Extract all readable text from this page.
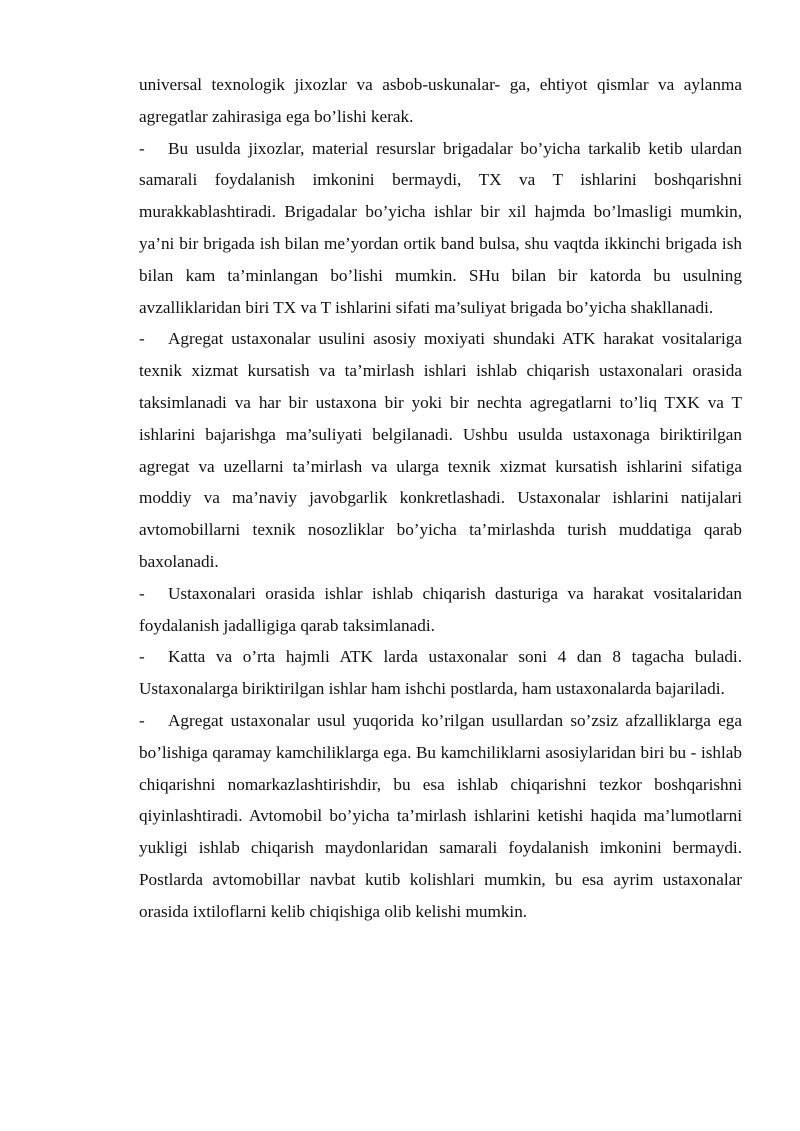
universal texnologik jixozlar va asbob-uskunalar- ga, ehtiyot qismlar va aylanma agregatlar zahirasiga ega bo’lishi kerak.

- Bu usulda jixozlar, material resurslar brigadalar bo’yicha tarkalib ketib ulardan samarali foydalanish imkonini bermaydi, TX va T ishlarini boshqarishni murakkablashtiradi. Brigadalar bo’yicha ishlar bir xil hajmda bo’lmasligi mumkin, ya’ni bir brigada ish bilan me’yordan ortik band bulsa, shu vaqtda ikkinchi brigada ish bilan kam ta’minlangan bo’lishi mumkin. SHu bilan bir katorda bu usulning avzalliklaridan biri TX va T ishlarini sifati ma’suliyat brigada bo’yicha shakllanadi.

- Agregat ustaxonalar usulini asosiy moxiyati shundaki ATK harakat vositalariga texnik xizmat kursatish va ta’mirlash ishlari ishlab chiqarish ustaxonalari orasida taksimlanadi va har bir ustaxona bir yoki bir nechta agregatlarni to’liq TXK va T ishlarini bajarishga ma’suliyati belgilanadi. Ushbu usulda ustaxonaga biriktirilgan agregat va uzellarni ta’mirlash va ularga texnik xizmat kursatish ishlarini sifatiga moddiy va ma’naviy javobgarlik konkretlashadi. Ustaxonalar ishlarini natijalari avtomobillarni texnik nosozliklar bo’yicha ta’mirlashda turish muddatiga qarab baxolanadi.

- Ustaxonalari orasida ishlar ishlab chiqarish dasturiga va harakat vositalaridan foydalanish jadalligiga qarab taksimlanadi.

- Katta va o’rta hajmli ATK larda ustaxonalar soni 4 dan 8 tagacha buladi. Ustaxonalarga biriktirilgan ishlar ham ishchi postlarda, ham ustaxonalarda bajariladi.

- Agregat ustaxonalar usul yuqorida ko’rilgan usullardan so’zsiz afzalliklarga ega bo’lishiga qaramay kamchiliklarga ega. Bu kamchiliklarni asosiylaridan biri bu - ishlab chiqarishni nomarkazlashtirishdir, bu esa ishlab chiqarishni tezkor boshqarishni qiyinlashtiradi. Avtomobil bo’yicha ta’mirlash ishlarini ketishi haqida ma’lumotlarni yukligi ishlab chiqarish maydonlaridan samarali foydalanish imkonini bermaydi. Postlarda avtomobillar navbat kutib kolishlari mumkin, bu esa ayrim ustaxonalar orasida ixtiloflarni kelib chiqishiga olib kelishi mumkin.
